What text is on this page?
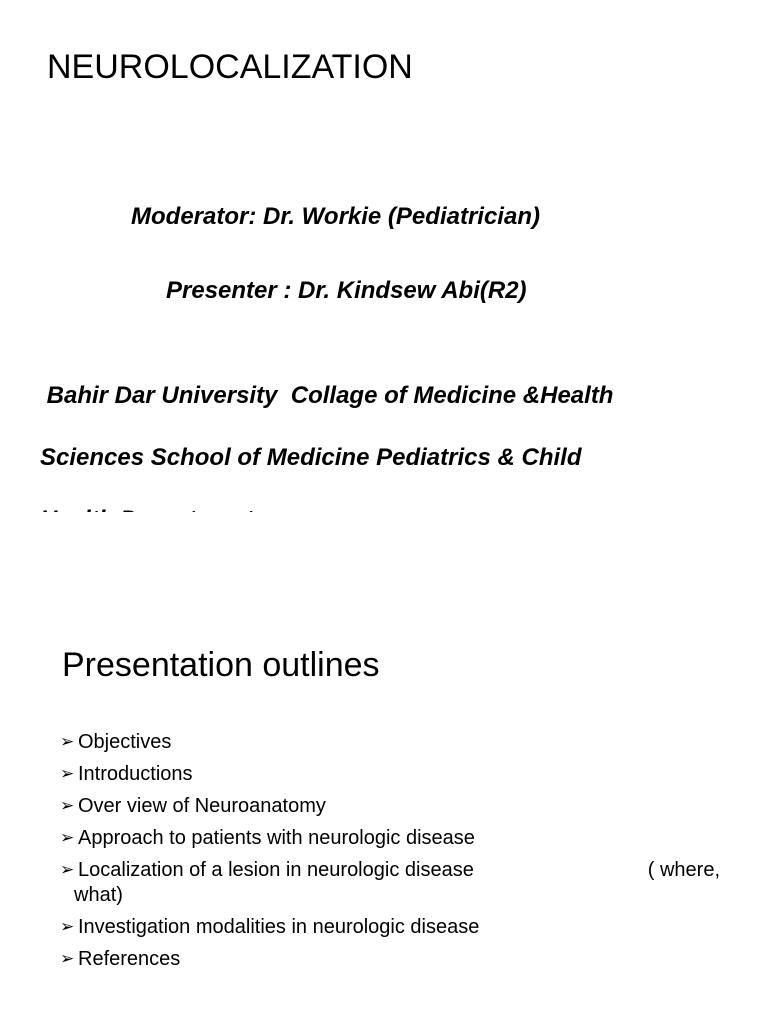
NEUROLOCALIZATION

Moderator: Dr. Workie (Pediatrician)

Presenter : Dr. Kindsew Abi(R2)

Bahir Dar University  Collage of Medicine &Health

Sciences School of Medicine Pediatrics & Child

Presentation outlines
➢ Objectives
➢ Introductions
➢ Over view of Neuroanatomy
➢ Approach to patients with neurologic disease
➢ Localization of a lesion in neurologic disease	( where,
what)
➢ Investigation modalities in neurologic disease
➢ References
